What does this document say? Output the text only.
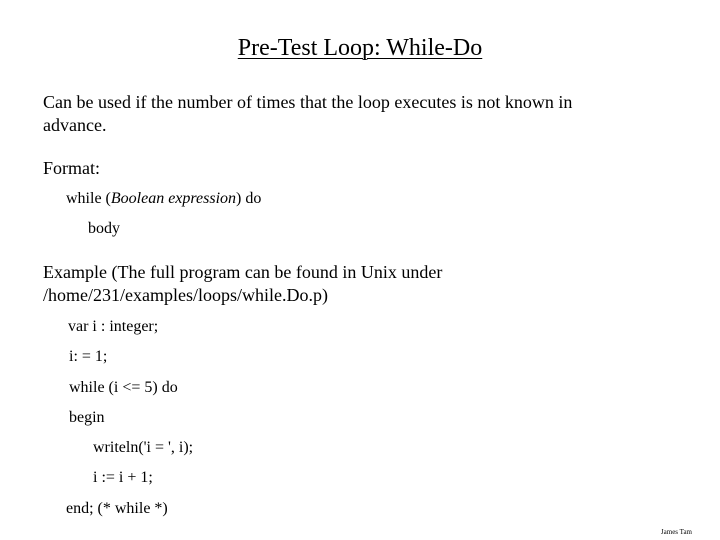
Pre-Test Loop: While-Do
Can be used if the number of times that the loop executes is not known in
advance.
Format:
while (Boolean expression) do
body
Example (The full program can be found in Unix under
/home/231/examples/loops/while.Do.p)
var i : integer;
i: = 1;
while (i <= 5) do
begin
writeln('i = ', i);
i := i + 1;
end; (* while *)
James Tam
